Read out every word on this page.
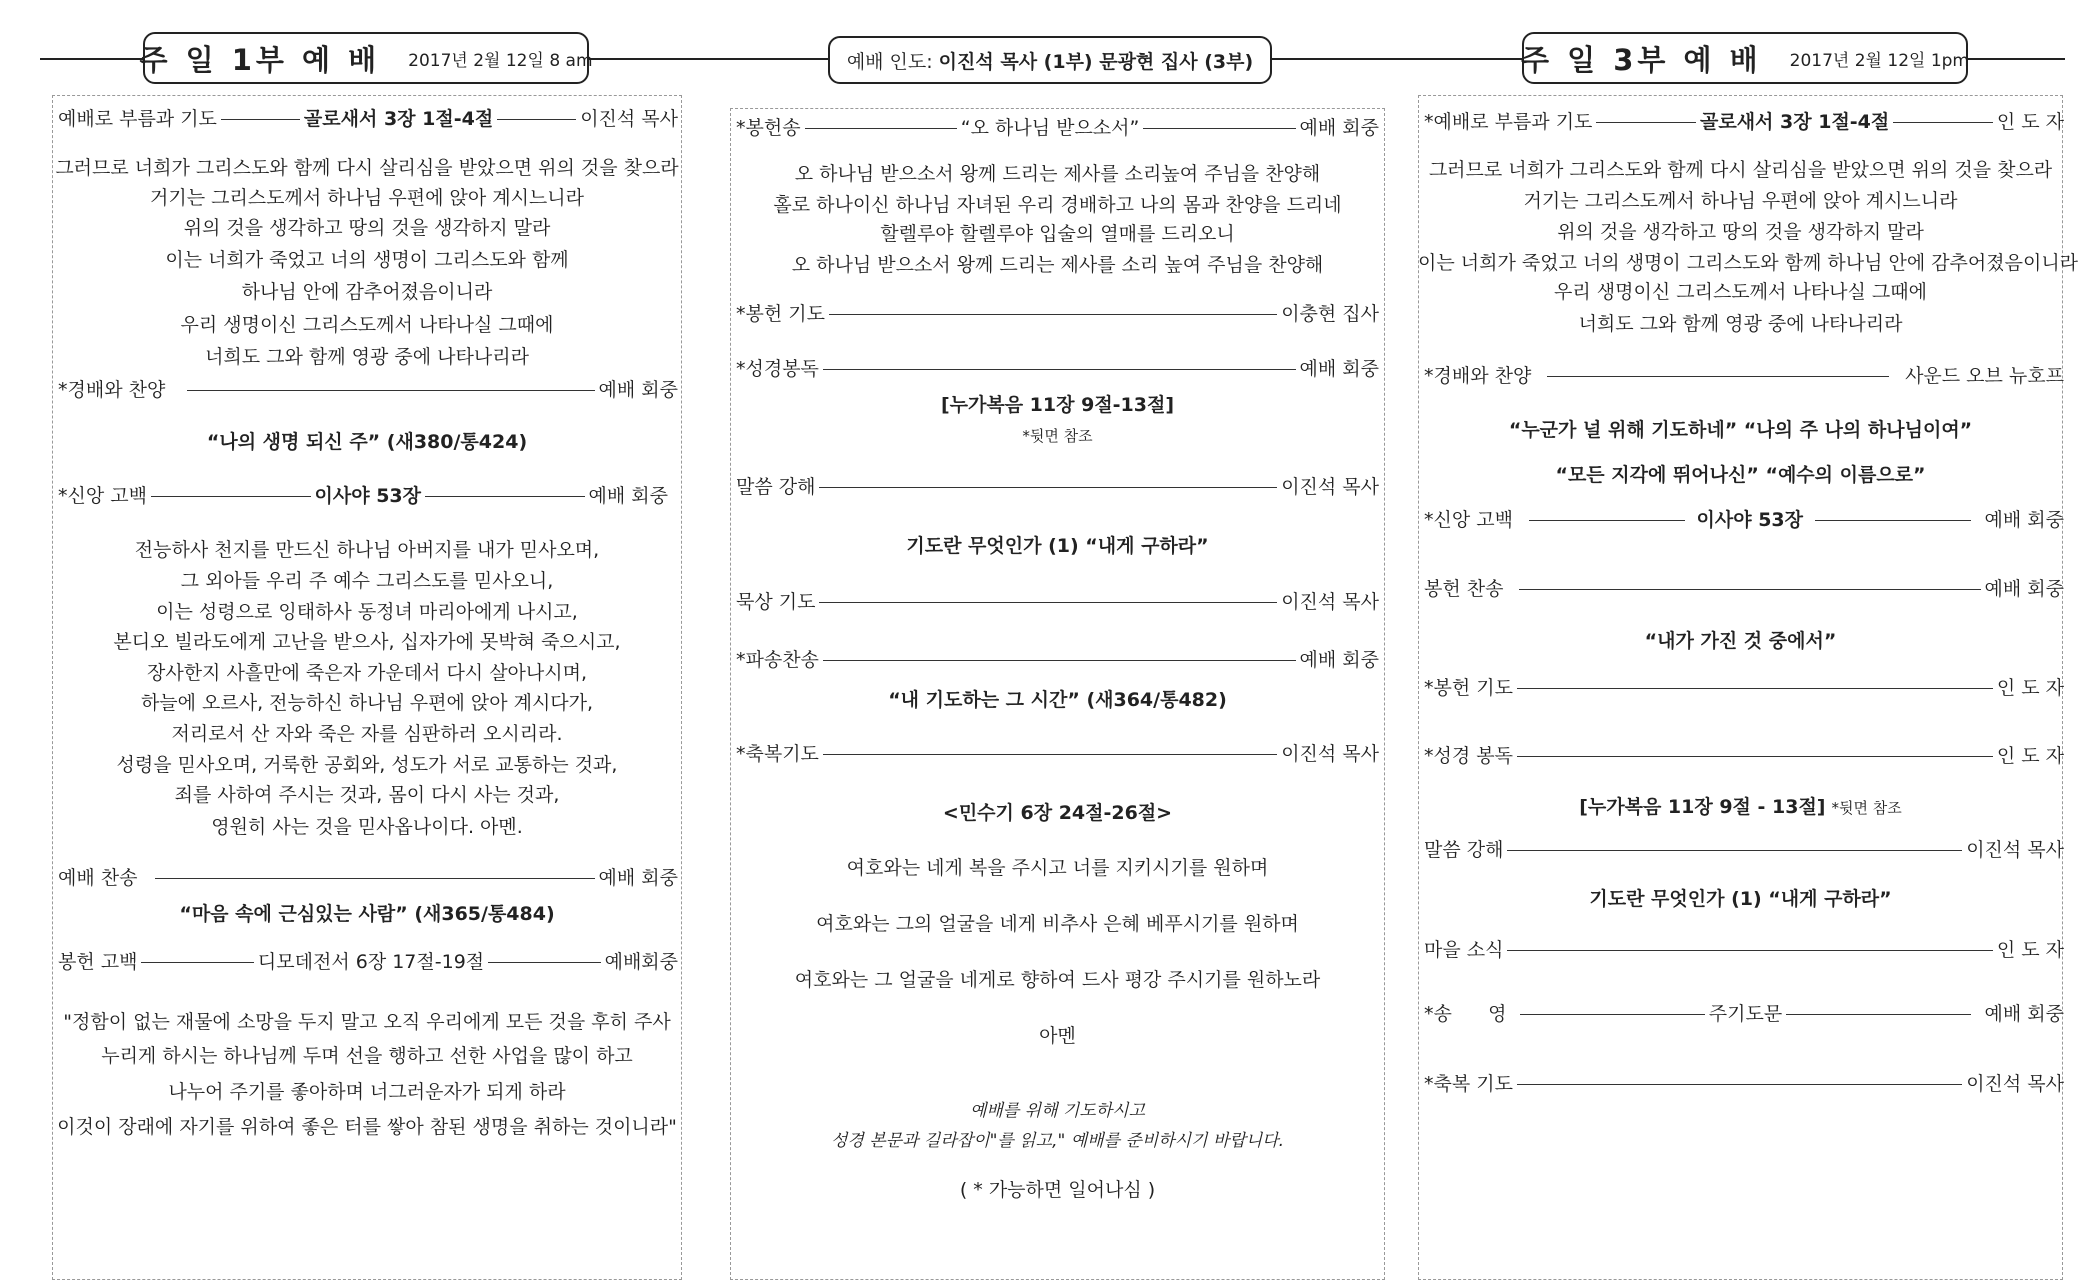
주 일 1부 예 배 2017년 2월 12일 8 am	예배 인도: 이진석 목사 (1부) 문광현 집사 (3부)	주 일 3부 예 배 2017년 2월 12일 1pm
예배로 부름과 기도	골로새서 3장 1절-4절	이진석 목사
그러므로 너희가 그리스도와 함께 다시 살리심을 받았으면 위의 것을 찾으라
거기는 그리스도께서 하나님 우편에 앉아 계시느니라
위의 것을 생각하고 땅의 것을 생각하지 말라
이는 너희가 죽었고 너의 생명이 그리스도와 함께
하나님 안에 감추어졌음이니라
우리 생명이신 그리스도께서 나타나실 그때에
너희도 그와 함께 영광 중에 나타나리라
*경배와 찬양	예배 회중
“나의 생명 되신 주” (새380/통424)
*신앙 고백	이사야 53장	예배 회중
전능하사 천지를 만드신 하나님 아버지를 내가 믿사오며,
그 외아들 우리 주 예수 그리스도를 믿사오니,
이는 성령으로 잉태하사 동정녀 마리아에게 나시고,
본디오 빌라도에게 고난을 받으사, 십자가에 못박혀 죽으시고,
장사한지 사흘만에 죽은자 가운데서 다시 살아나시며,
하늘에 오르사, 전능하신 하나님 우편에 앉아 계시다가,
저리로서 산 자와 죽은 자를 심판하러 오시리라.
성령을 믿사오며, 거룩한 공회와, 성도가 서로 교통하는 것과,
죄를 사하여 주시는 것과, 몸이 다시 사는 것과,
영원히 사는 것을 믿사옵나이다. 아멘.
예배 찬송	예배 회중
“마음 속에 근심있는 사람” (새365/통484)
봉헌 고백	디모데전서 6장 17절-19절	예배회중
"정함이 없는 재물에 소망을 두지 말고 오직 우리에게 모든 것을 후히 주사
누리게 하시는 하나님께 두며 선을 행하고 선한 사업을 많이 하고
나누어 주기를 좋아하며 너그러운자가 되게 하라
이것이 장래에 자기를 위하여 좋은 터를 쌓아 참된 생명을 취하는 것이니라"
*봉헌송	“오 하나님 받으소서”	예배 회중
오 하나님 받으소서 왕께 드리는 제사를 소리높여 주님을 찬양해
홀로 하나이신 하나님 자녀된 우리 경배하고 나의 몸과 찬양을 드리네
할렐루야 할렐루야 입술의 열매를 드리오니
오 하나님 받으소서 왕께 드리는 제사를 소리 높여 주님을 찬양해
*봉헌 기도	이충현 집사
*성경봉독	예배 회중
[누가복음 11장 9절-13절]
*뒷면 참조
말씀 강해	이진석 목사
기도란 무엇인가 (1) “내게 구하라”
묵상 기도	이진석 목사
*파송찬송	예배 회중
“내 기도하는 그 시간” (새364/통482)
*축복기도	이진석 목사
<민수기 6장 24절-26절>
여호와는 네게 복을 주시고 너를 지키시기를 원하며
여호와는 그의 얼굴을 네게 비추사 은혜 베푸시기를 원하며
여호와는 그 얼굴을 네게로 향하여 드사 평강 주시기를 원하노라
아멘
예배를 위해 기도하시고
성경 본문과 길라잡이"를 읽고," 예배를 준비하시기 바랍니다.
( * 가능하면 일어나심 )
*예배로 부름과 기도	골로새서 3장 1절-4절	인 도 자
그러므로 너희가 그리스도와 함께 다시 살리심을 받았으면 위의 것을 찾으라
거기는 그리스도께서 하나님 우편에 앉아 계시느니라
위의 것을 생각하고 땅의 것을 생각하지 말라
이는 너희가 죽었고 너의 생명이 그리스도와 함께 하나님 안에 감추어졌음이니라
우리 생명이신 그리스도께서 나타나실 그때에
너희도 그와 함께 영광 중에 나타나리라
*경배와 찬양	사운드 오브 뉴호프
“누군가 널 위해 기도하네” “나의 주 나의 하나님이여”
“모든 지각에 뛰어나신” “예수의 이름으로”
*신앙 고백	이사야 53장	예배 회중
봉헌 찬송	예배 회중
“내가 가진 것 중에서”
*봉헌 기도	인 도 자
*성경 봉독	인 도 자
[누가복음 11장 9절 - 13절] *뒷면 참조
말씀 강해	이진석 목사
기도란 무엇인가 (1) “내게 구하라”
마을 소식	인 도 자
*송      영	주기도문	예배 회중
*축복 기도	이진석 목사
